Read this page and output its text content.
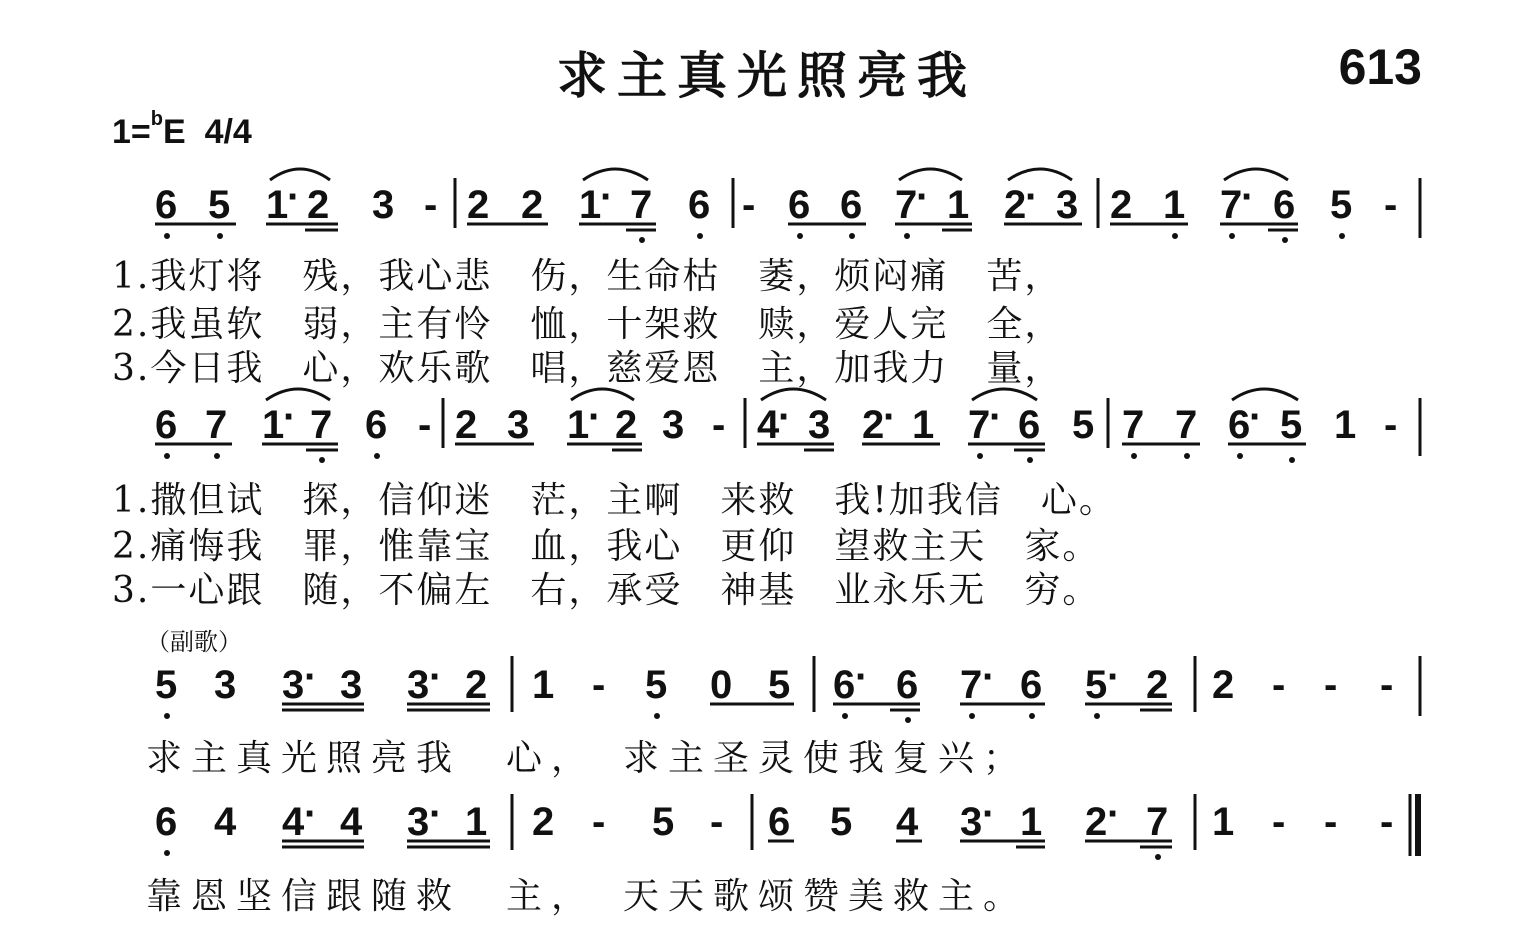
求主真光照亮我	613
1=$^b$E 4/4
6 5 1
· 2 3 - 2 2 1
· 7 6 - 6 6 7
· 1 2
· 3 2 1 7
· 6 5 -
6 7 1
· 7 6 - 2 3 1
· 2 3 - 4
· 3 2
· 1 7
· 6 5 7 7 6
· 5 1 -
5 3 3 · 3 3 · 2 1 - 5 0 5 6 · 6 7 · 6 5 · 2 2 - - -
6 4 4 · 4 3 · 1 2 - 5 - 6 5 4 3 · 1 2 · 7 1 - - -
1.我灯将　残，我心悲　伤，生命枯　萎，烦闷痛　苦，
2.我虽软　弱，主有怜　恤，十架救　赎，爱人完　全，
3.今日我　心，欢乐歌　唱，慈爱恩　主，加我力　量，
1.撒但试　探，信仰迷　茫，主啊　来救　我!加我信　心。
2.痛悔我　罪，惟靠宝　血，我心　更仰　望救主天　家。
3.一心跟　随，不偏左　右，承受　神基　业永乐无　穷。
（副歌）
求主真光照亮我　心，　求主圣灵使我复兴；
靠恩坚信跟随救　主，　天天歌颂赞美救主。
